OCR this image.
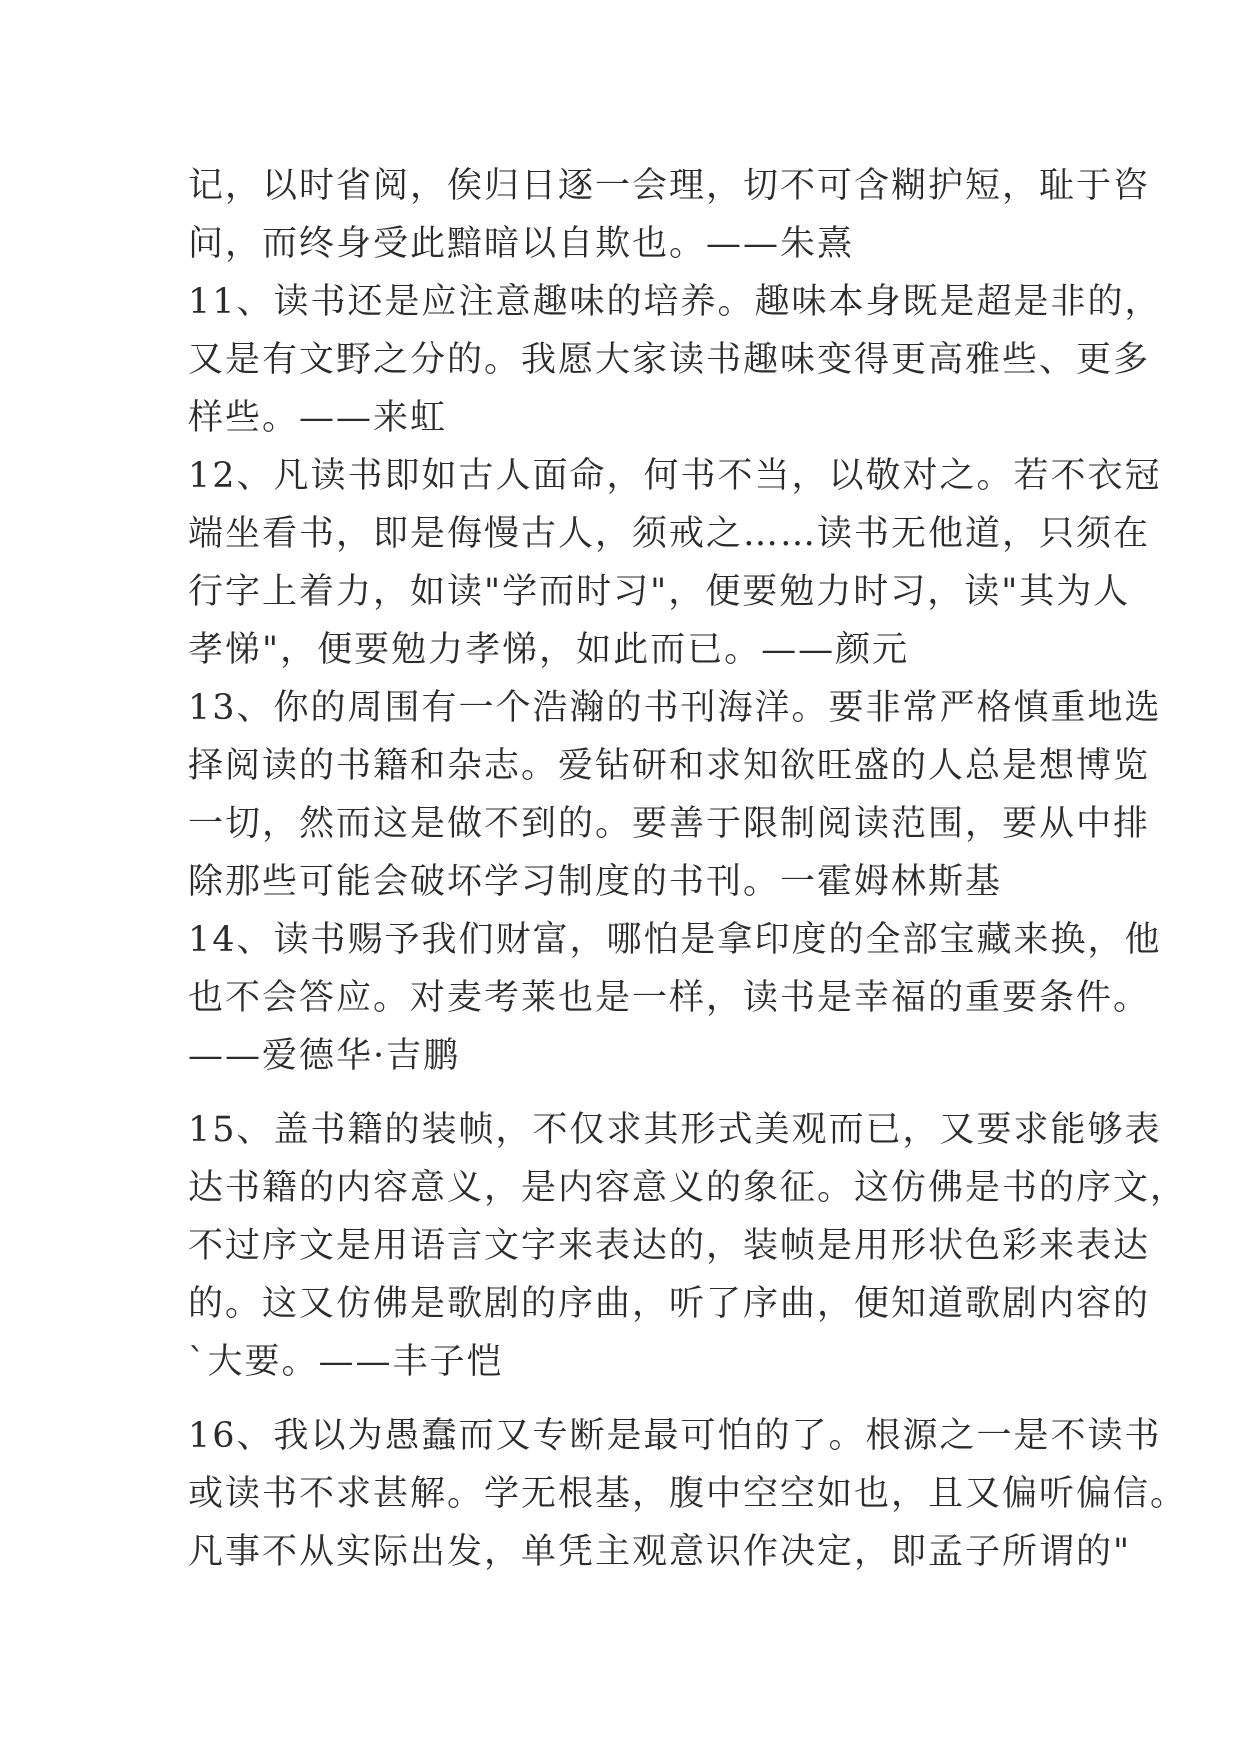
记，以时省阅，俟归日逐一会理，切不可含糊护短，耻于咨
问，而终身受此黯暗以自欺也。——朱熹
11、读书还是应注意趣味的培养。趣味本身既是超是非的，
又是有文野之分的。我愿大家读书趣味变得更高雅些、更多
样些。——来虹
12、凡读书即如古人面命，何书不当，以敬对之。若不衣冠
端坐看书，即是侮慢古人，须戒之……读书无他道，只须在
行字上着力，如读"学而时习"，便要勉力时习，读"其为人
孝悌"，便要勉力孝悌，如此而已。——颜元
13、你的周围有一个浩瀚的书刊海洋。要非常严格慎重地选
择阅读的书籍和杂志。爱钻研和求知欲旺盛的人总是想博览
一切，然而这是做不到的。要善于限制阅读范围，要从中排
除那些可能会破坏学习制度的书刊。一霍姆林斯基
14、读书赐予我们财富，哪怕是拿印度的全部宝藏来换，他
也不会答应。对麦考莱也是一样，读书是幸福的重要条件。
——爱德华·吉鹏
15、盖书籍的装帧，不仅求其形式美观而已，又要求能够表
达书籍的内容意义，是内容意义的象征。这仿佛是书的序文，
不过序文是用语言文字来表达的，装帧是用形状色彩来表达
的。这又仿佛是歌剧的序曲，听了序曲，便知道歌剧内容的
`大要。——丰子恺
16、我以为愚蠢而又专断是最可怕的了。根源之一是不读书
或读书不求甚解。学无根基，腹中空空如也，且又偏听偏信。
凡事不从实际出发，单凭主观意识作决定，即孟子所谓的"
